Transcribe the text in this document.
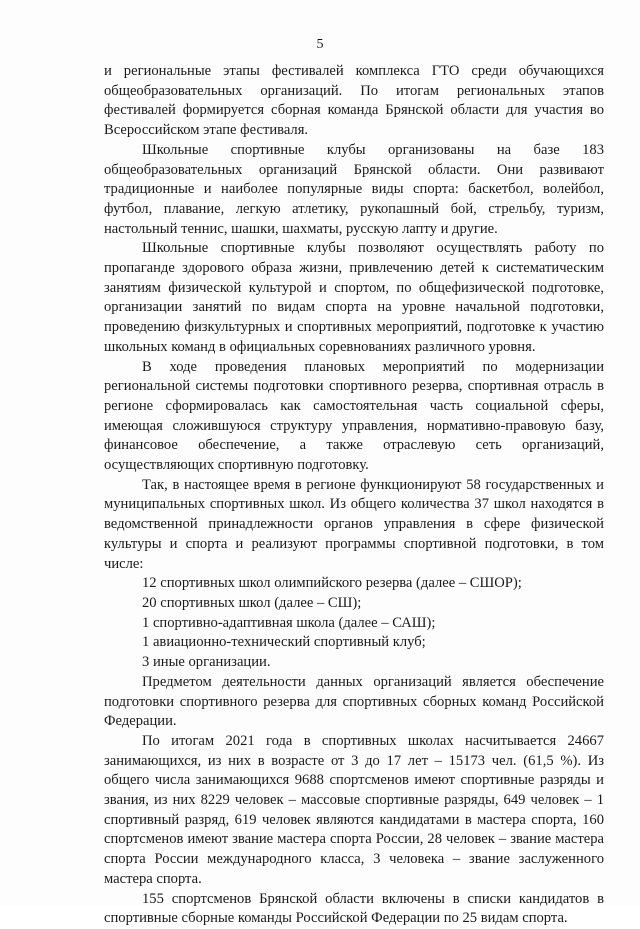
5

и региональные этапы фестивалей комплекса ГТО среди обучающихся общеобразовательных организаций. По итогам региональных этапов фестивалей формируется сборная команда Брянской области для участия во Всероссийском этапе фестиваля.

Школьные спортивные клубы организованы на базе 183 общеобразовательных организаций Брянской области. Они развивают традиционные и наиболее популярные виды спорта: баскетбол, волейбол, футбол, плавание, легкую атлетику, рукопашный бой, стрельбу, туризм, настольный теннис, шашки, шахматы, русскую лапту и другие.

Школьные спортивные клубы позволяют осуществлять работу по пропаганде здорового образа жизни, привлечению детей к систематическим занятиям физической культурой и спортом, по общефизической подготовке, организации занятий по видам спорта на уровне начальной подготовки, проведению физкультурных и спортивных мероприятий, подготовке к участию школьных команд в официальных соревнованиях различного уровня.

В ходе проведения плановых мероприятий по модернизации региональной системы подготовки спортивного резерва, спортивная отрасль в регионе сформировалась как самостоятельная часть социальной сферы, имеющая сложившуюся структуру управления, нормативно-правовую базу, финансовое обеспечение, а также отраслевую сеть организаций, осуществляющих спортивную подготовку.

Так, в настоящее время в регионе функционируют 58 государственных и муниципальных спортивных школ. Из общего количества 37 школ находятся в ведомственной принадлежности органов управления в сфере физической культуры и спорта и реализуют программы спортивной подготовки, в том числе:

12 спортивных школ олимпийского резерва (далее – СШОР);

20 спортивных школ (далее – СШ);

1 спортивно-адаптивная школа (далее – САШ);

1 авиационно-технический спортивный клуб;

3 иные организации.

Предметом деятельности данных организаций является обеспечение подготовки спортивного резерва для спортивных сборных команд Российской Федерации.

По итогам 2021 года в спортивных школах насчитывается 24667 занимающихся, из них в возрасте от 3 до 17 лет – 15173 чел. (61,5 %). Из общего числа занимающихся 9688 спортсменов имеют спортивные разряды и звания, из них 8229 человек – массовые спортивные разряды, 649 человек – 1 спортивный разряд, 619 человек являются кандидатами в мастера спорта, 160 спортсменов имеют звание мастера спорта России, 28 человек – звание мастера спорта России международного класса, 3 человека – звание заслуженного мастера спорта.

155 спортсменов Брянской области включены в списки кандидатов в спортивные сборные команды Российской Федерации по 25 видам спорта.
